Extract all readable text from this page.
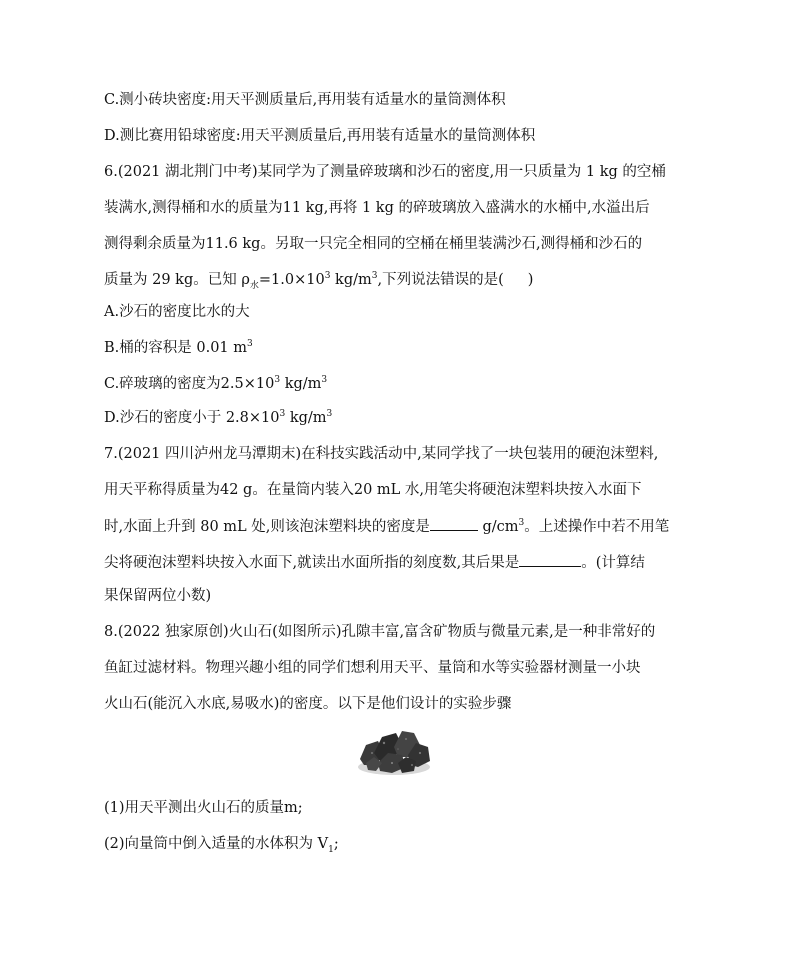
C.测小砖块密度:用天平测质量后,再用装有适量水的量筒测体积
D.测比赛用铅球密度:用天平测质量后,再用装有适量水的量筒测体积
6.(2021 湖北荆门中考)某同学为了测量碎玻璃和沙石的密度,用一只质量为 1 kg 的空桶
装满水,测得桶和水的质量为11 kg,再将 1 kg 的碎玻璃放入盛满水的水桶中,水溢出后
测得剩余质量为11.6 kg。另取一只完全相同的空桶在桶里装满沙石,测得桶和沙石的
质量为 29 kg。已知 $\rho_水=1.0\times 10^3$ $kg/m^3$,下列说法错误的是( )
A.沙石的密度比水的大
B.桶的容积是 0.01 $m^3$
C.碎玻璃的密度为$2.5\times 10^3$ $kg/m^3$
D.沙石的密度小于 $2.8\times 10^3$ $kg/m^3$
7.(2021 四川泸州龙马潭期末)在科技实践活动中,某同学找了一块包装用的硬泡沫塑料,
用天平称得质量为42 g。在量筒内装入20 mL 水,用笔尖将硬泡沫塑料块按入水面下
时,水面上升到 80 mL 处,则该泡沫塑料块的密度是	$g/cm^3$。上述操作中若不用笔
尖将硬泡沫塑料块按入水面下,就读出水面所指的刻度数,其后果是	。(计算结
果保留两位小数)
8.(2022 独家原创)火山石(如图所示)孔隙丰富,富含矿物质与微量元素,是一种非常好的
鱼缸过滤材料。物理兴趣小组的同学们想利用天平、量筒和水等实验器材测量一小块
火山石(能沉入水底,易吸水)的密度。以下是他们设计的实验步骤
(1)用天平测出火山石的质量m;
(2)向量筒中倒入适量的水体积为 $V_1$;
